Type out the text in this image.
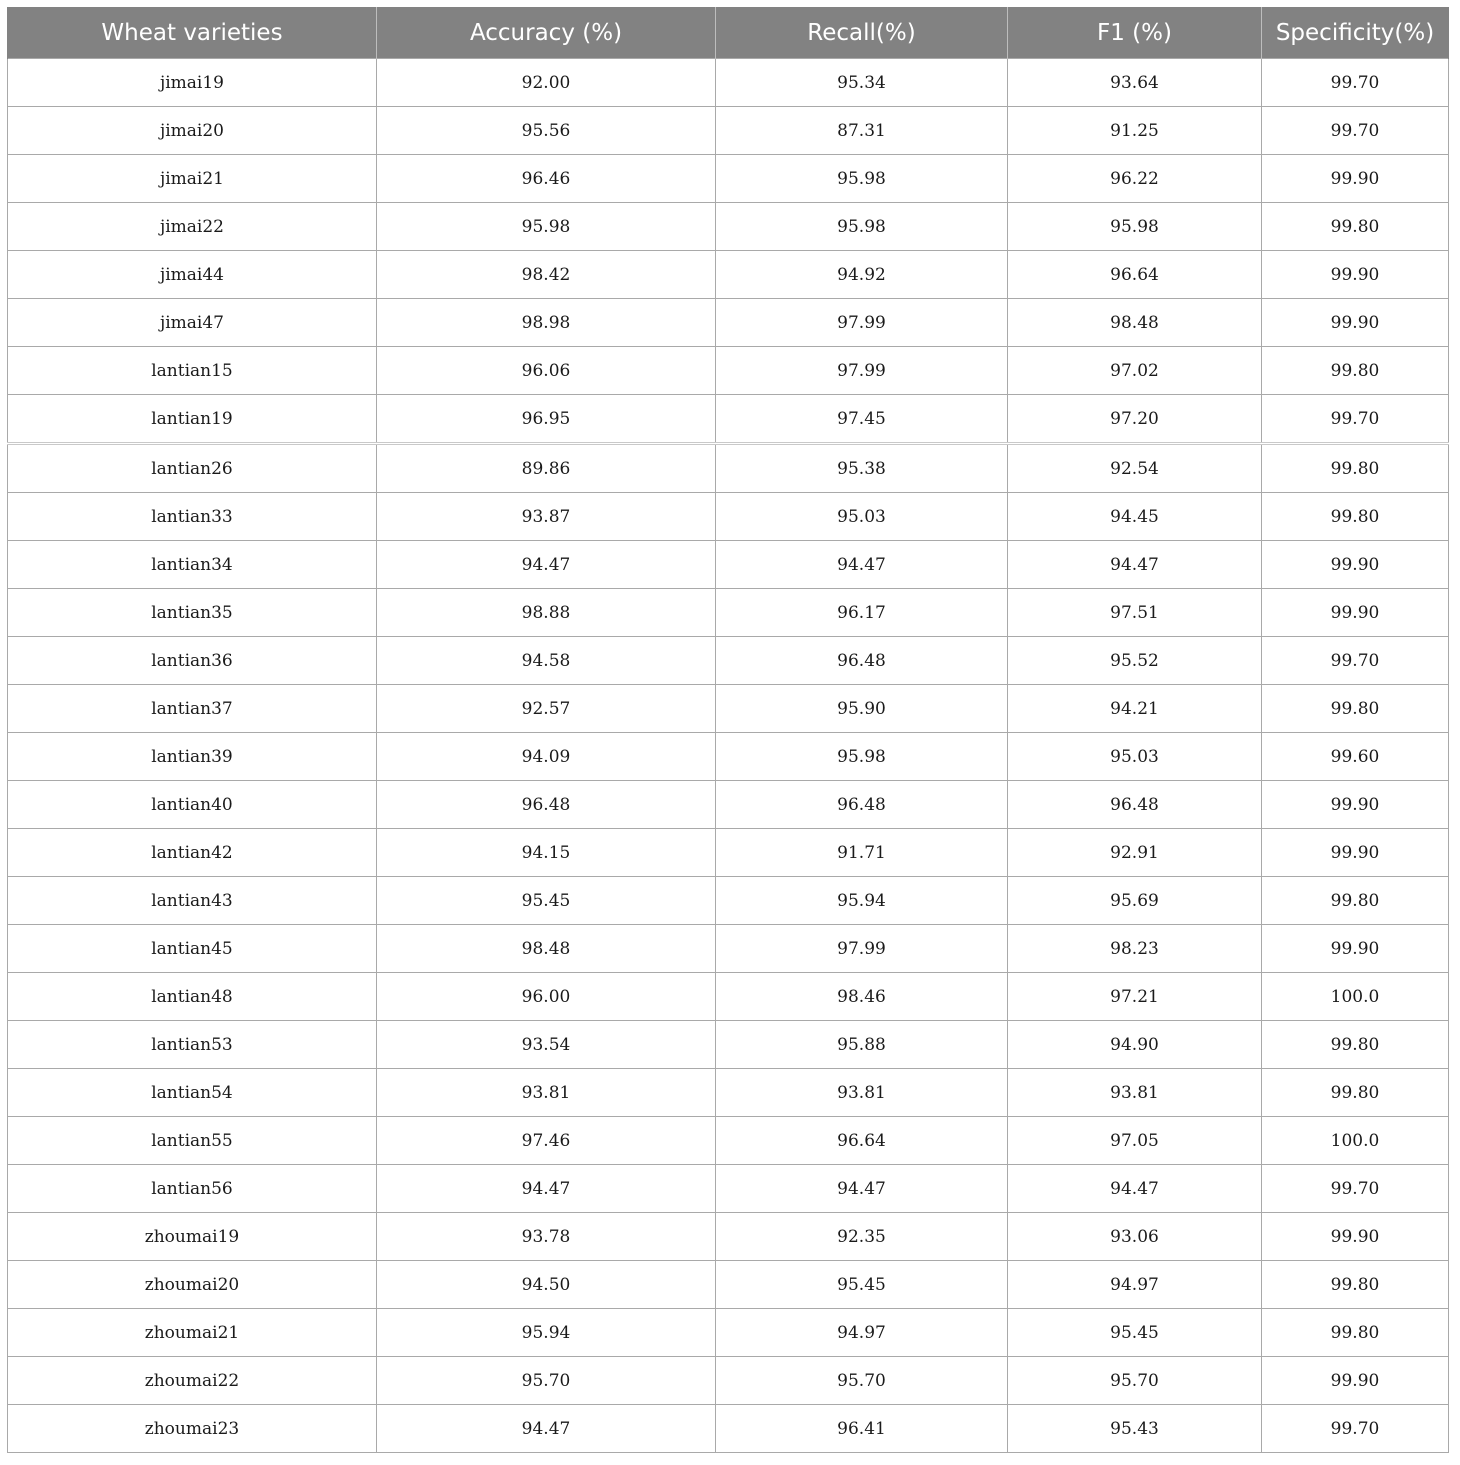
Wheat varieties	Accuracy (%)	Recall(%)	F1 (%)	Specificity(%)
jimai19	92.00	95.34	93.64	99.70
jimai20	95.56	87.31	91.25	99.70
jimai21	96.46	95.98	96.22	99.90
jimai22	95.98	95.98	95.98	99.80
jimai44	98.42	94.92	96.64	99.90
jimai47	98.98	97.99	98.48	99.90
lantian15	96.06	97.99	97.02	99.80
lantian19	96.95	97.45	97.20	99.70
lantian26	89.86	95.38	92.54	99.80
lantian33	93.87	95.03	94.45	99.80
lantian34	94.47	94.47	94.47	99.90
lantian35	98.88	96.17	97.51	99.90
lantian36	94.58	96.48	95.52	99.70
lantian37	92.57	95.90	94.21	99.80
lantian39	94.09	95.98	95.03	99.60
lantian40	96.48	96.48	96.48	99.90
lantian42	94.15	91.71	92.91	99.90
lantian43	95.45	95.94	95.69	99.80
lantian45	98.48	97.99	98.23	99.90
lantian48	96.00	98.46	97.21	100.0
lantian53	93.54	95.88	94.90	99.80
lantian54	93.81	93.81	93.81	99.80
lantian55	97.46	96.64	97.05	100.0
lantian56	94.47	94.47	94.47	99.70
zhoumai19	93.78	92.35	93.06	99.90
zhoumai20	94.50	95.45	94.97	99.80
zhoumai21	95.94	94.97	95.45	99.80
zhoumai22	95.70	95.70	95.70	99.90
zhoumai23	94.47	96.41	95.43	99.70
